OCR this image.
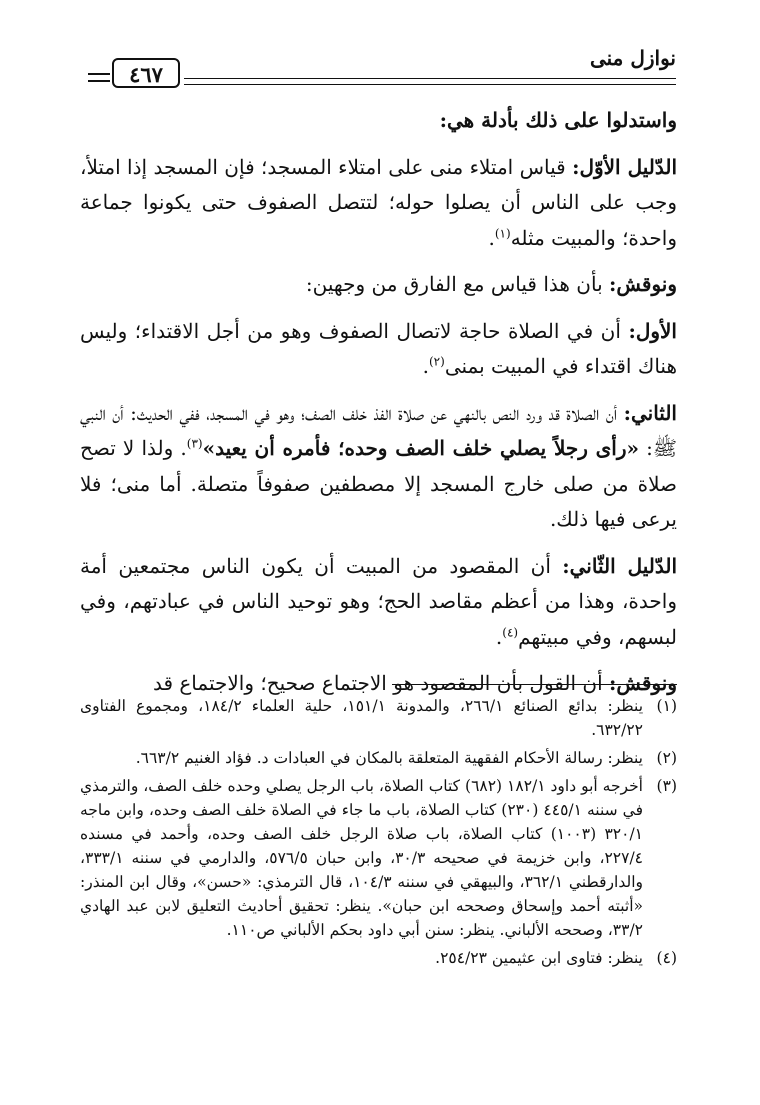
نوازل منى
٤٦٧

واستدلوا على ذلك بأدلة هي:

الدّليل الأوّل: قياس امتلاء منى على امتلاء المسجد؛ فإن المسجد إذا امتلأ، وجب على الناس أن يصلوا حوله؛ لتتصل الصفوف حتى يكونوا جماعة واحدة؛ والمبيت مثله$^{(١)}$.

ونوقش: بأن هذا قياس مع الفارق من وجهين:

الأول: أن في الصلاة حاجة لاتصال الصفوف وهو من أجل الاقتداء؛ وليس هناك اقتداء في المبيت بمنى$^{(٢)}$.

الثاني: أن الصلاة قد ورد النص بالنهي عن صلاة الفذ خلف الصف؛ وهو في المسجد، ففي الحديث: أن النبي ﷺ: «رأى رجلاً يصلي خلف الصف وحده؛ فأمره أن يعيد»$^{(٣)}$. ولذا لا تصح صلاة من صلى خارج المسجد إلا مصطفين صفوفاً متصلة. أما منى؛ فلا يرعى فيها ذلك.

الدّليل الثّاني: أن المقصود من المبيت أن يكون الناس مجتمعين أمة واحدة، وهذا من أعظم مقاصد الحج؛ وهو توحيد الناس في عبادتهم، وفي لبسهم، وفي مبيتهم$^{(٤)}$.

ونوقش: أن القول بأن المقصود هو الاجتماع صحيح؛ والاجتماع قد

(١)
ينظر: بدائع الصنائع ٢٦٦/١، والمدونة ١٥١/١، حلية العلماء ١٨٤/٢، ومجموع الفتاوى ٦٣٢/٢٢.
(٢)
ينظر: رسالة الأحكام الفقهية المتعلقة بالمكان في العبادات د. فؤاد الغنيم ٦٦٣/٢.
(٣)
أخرجه أبو داود ١٨٢/١ (٦٨٢) كتاب الصلاة، باب الرجل يصلي وحده خلف الصف، والترمذي في سننه ٤٤٥/١ (٢٣٠) كتاب الصلاة، باب ما جاء في الصلاة خلف الصف وحده، وابن ماجه ٣٢٠/١ (١٠٠٣) كتاب الصلاة، باب صلاة الرجل خلف الصف وحده، وأحمد في مسنده ٢٢٧/٤، وابن خزيمة في صحيحه ٣٠/٣، وابن حبان ٥٧٦/٥، والدارمي في سننه ٣٣٣/١، والدارقطني ٣٦٢/١، والبيهقي في سننه ١٠٤/٣، قال الترمذي: «حسن»، وقال ابن المنذر: «أثبته أحمد وإسحاق وصححه ابن حبان». ينظر: تحقيق أحاديث التعليق لابن عبد الهادي ٣٣/٢، وصححه الألباني. ينظر: سنن أبي داود بحكم الألباني ص١١٠.
(٤)
ينظر: فتاوى ابن عثيمين ٢٥٤/٢٣.
